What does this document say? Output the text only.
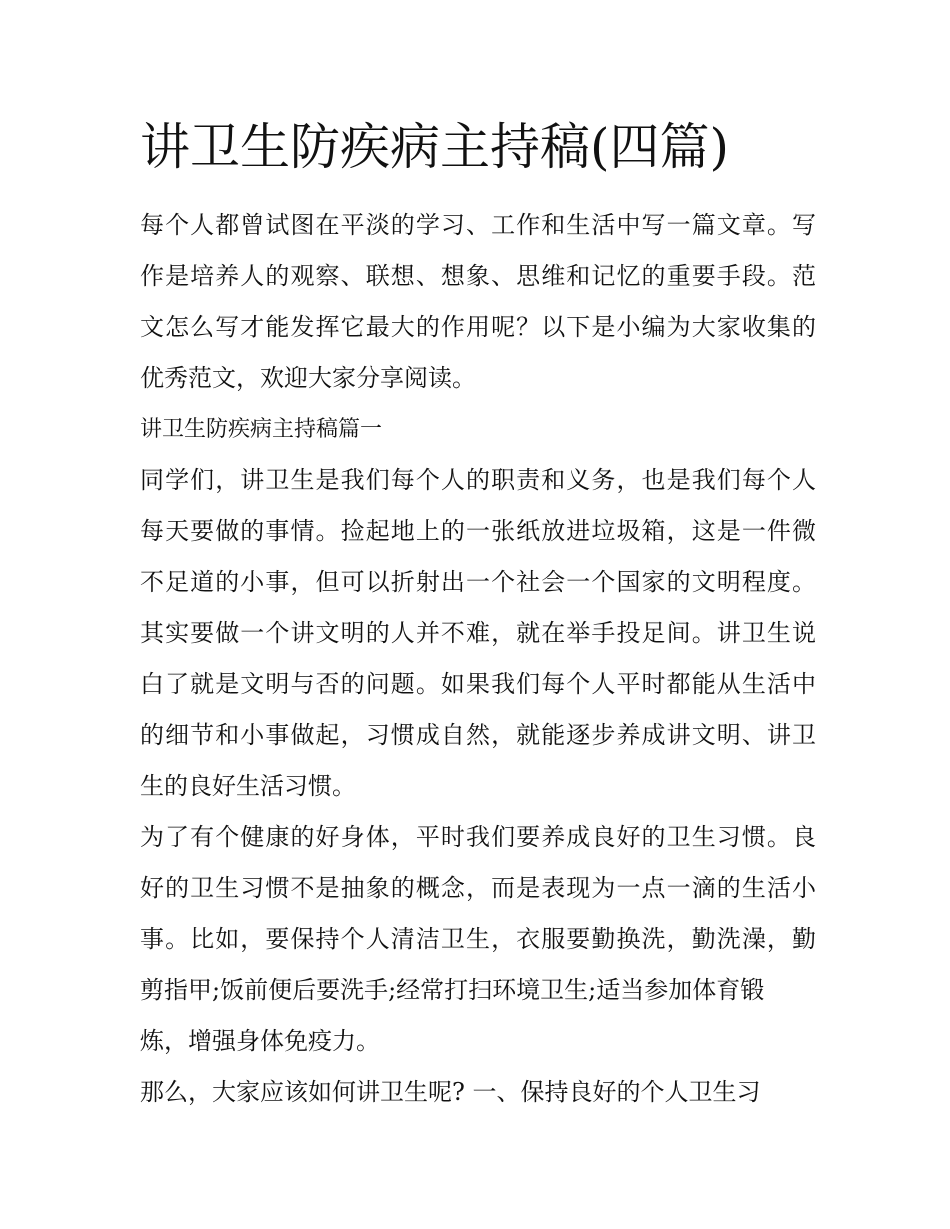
讲卫生防疾病主持稿(四篇)
每个人都曾试图在平淡的学习、工作和生活中写一篇文章。写
作是培养人的观察、联想、想象、思维和记忆的重要手段。范
文怎么写才能发挥它最大的作用呢？以下是小编为大家收集的
优秀范文，欢迎大家分享阅读。
讲卫生防疾病主持稿篇一
同学们，讲卫生是我们每个人的职责和义务，也是我们每个人
每天要做的事情。捡起地上的一张纸放进垃圾箱，这是一件微
不足道的小事，但可以折射出一个社会一个国家的文明程度。
其实要做一个讲文明的人并不难，就在举手投足间。讲卫生说
白了就是文明与否的问题。如果我们每个人平时都能从生活中
的细节和小事做起，习惯成自然，就能逐步养成讲文明、讲卫
生的良好生活习惯。
为了有个健康的好身体，平时我们要养成良好的卫生习惯。良
好的卫生习惯不是抽象的概念，而是表现为一点一滴的生活小
事。比如，要保持个人清洁卫生，衣服要勤换洗，勤洗澡，勤
剪指甲;饭前便后要洗手;经常打扫环境卫生;适当参加体育锻
炼，增强身体免疫力。
那么，大家应该如何讲卫生呢? 一、保持良好的个人卫生习
